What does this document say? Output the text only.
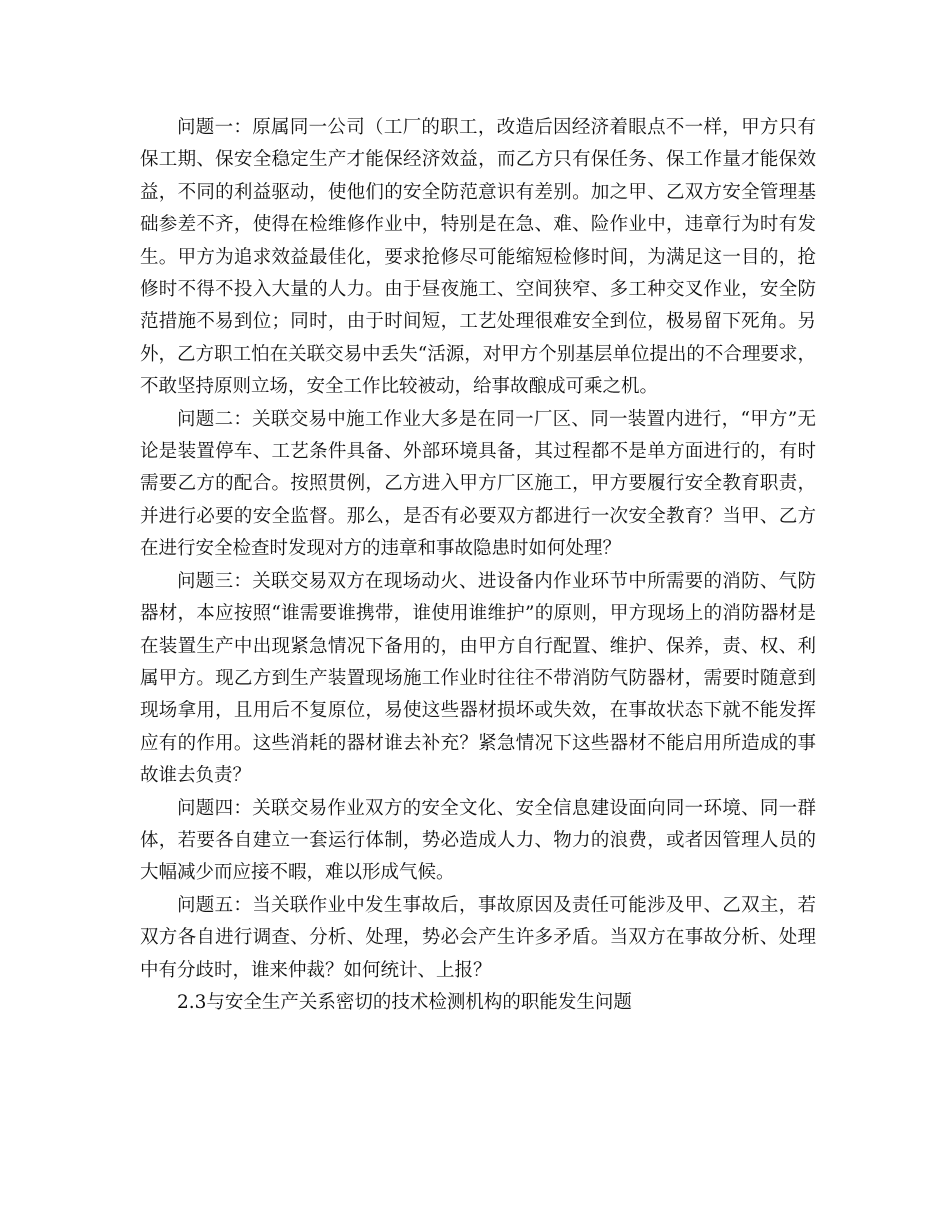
问题一：原属同一公司（工厂的职工，改造后因经济着眼点不一样，甲方只有保工期、保安全稳定生产才能保经济效益，而乙方只有保任务、保工作量才能保效益，不同的利益驱动，使他们的安全防范意识有差别。加之甲、乙双方安全管理基础参差不齐，使得在检维修作业中，特别是在急、难、险作业中，违章行为时有发生。甲方为追求效益最佳化，要求抢修尽可能缩短检修时间，为满足这一目的，抢修时不得不投入大量的人力。由于昼夜施工、空间狭窄、多工种交叉作业，安全防范措施不易到位；同时，由于时间短，工艺处理很难安全到位，极易留下死角。另外，乙方职工怕在关联交易中丢失“活源，对甲方个别基层单位提出的不合理要求，不敢坚持原则立场，安全工作比较被动，给事故酿成可乘之机。

问题二：关联交易中施工作业大多是在同一厂区、同一装置内进行，“甲方”无论是装置停车、工艺条件具备、外部环境具备，其过程都不是单方面进行的，有时需要乙方的配合。按照贯例，乙方进入甲方厂区施工，甲方要履行安全教育职责，并进行必要的安全监督。那么，是否有必要双方都进行一次安全教育？当甲、乙方在进行安全检查时发现对方的违章和事故隐患时如何处理？

问题三：关联交易双方在现场动火、进设备内作业环节中所需要的消防、气防器材，本应按照“谁需要谁携带，谁使用谁维护”的原则，甲方现场上的消防器材是在装置生产中出现紧急情况下备用的，由甲方自行配置、维护、保养，责、权、利属甲方。现乙方到生产装置现场施工作业时往往不带消防气防器材，需要时随意到现场拿用，且用后不复原位，易使这些器材损坏或失效，在事故状态下就不能发挥应有的作用。这些消耗的器材谁去补充？紧急情况下这些器材不能启用所造成的事故谁去负责？

问题四：关联交易作业双方的安全文化、安全信息建设面向同一环境、同一群体，若要各自建立一套运行体制，势必造成人力、物力的浪费，或者因管理人员的大幅减少而应接不暇，难以形成气候。

问题五：当关联作业中发生事故后，事故原因及责任可能涉及甲、乙双主，若双方各自进行调查、分析、处理，势必会产生许多矛盾。当双方在事故分析、处理中有分歧时，谁来仲裁？如何统计、上报？

2.3与安全生产关系密切的技术检测机构的职能发生问题
